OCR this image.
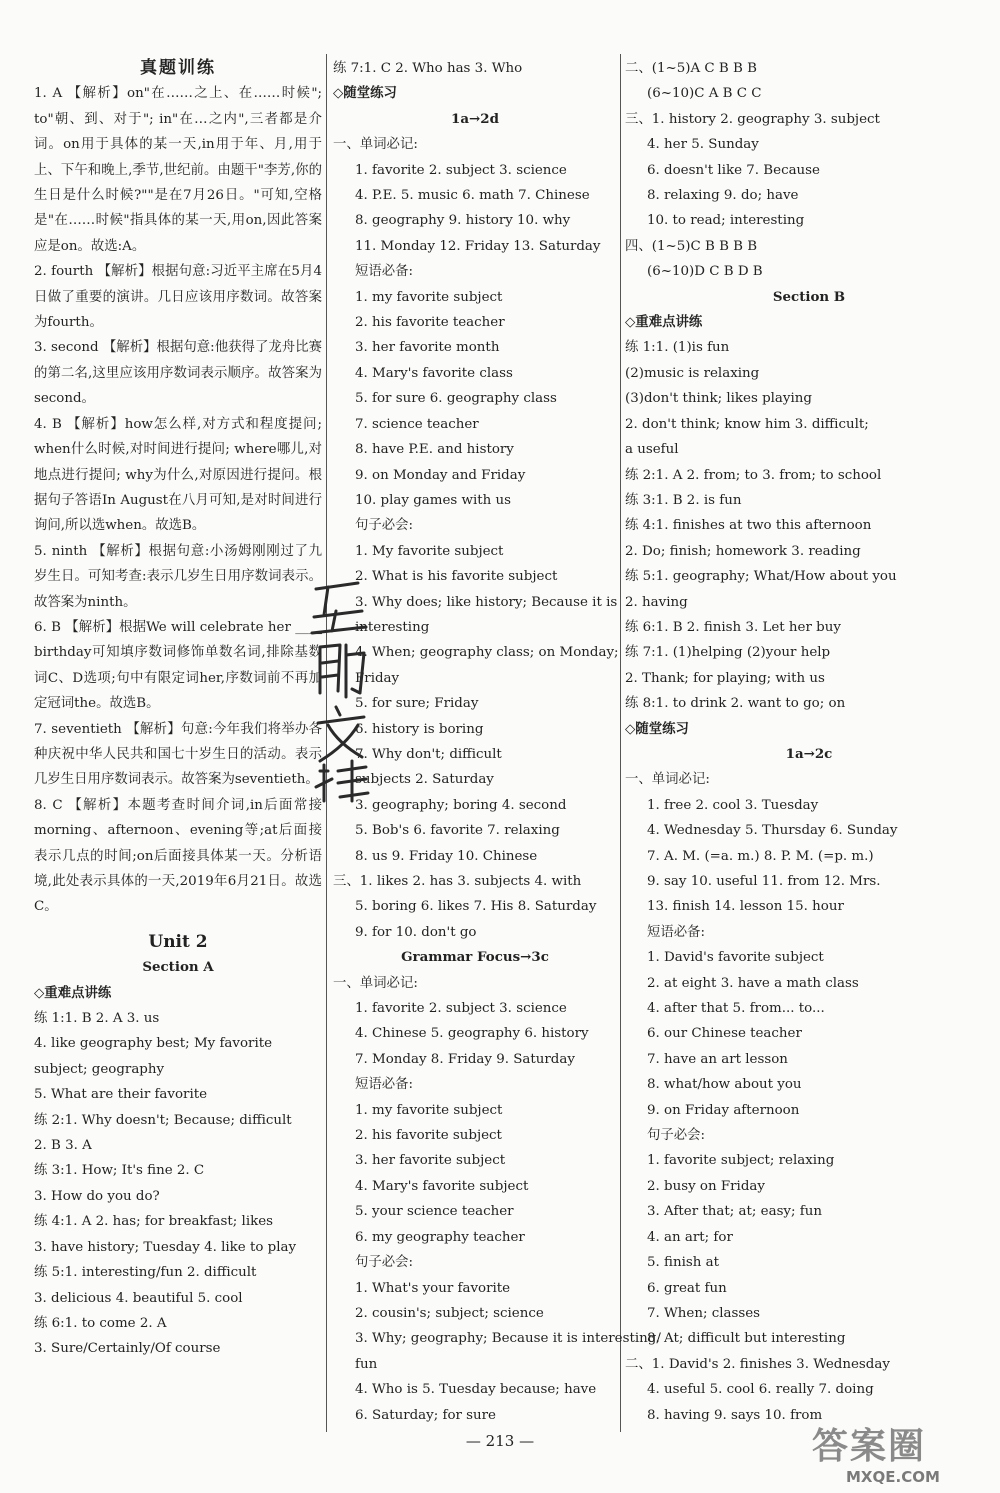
真题训练
1. A 【解析】on"在……之上、在……时候"; to"朝、到、对于"; in"在…之内",三者都是介词。on用于具体的某一天,in用于年、月,用于上、下午和晚上,季节,世纪前。由题干"李芳,你的生日是什么时候?""是在7月26日。"可知,空格是"在……时候"指具体的某一天,用on,因此答案应是on。故选:A。
2. fourth 【解析】根据句意:习近平主席在5月4日做了重要的演讲。几日应该用序数词。故答案为fourth。
3. second 【解析】根据句意:他获得了龙舟比赛的第二名,这里应该用序数词表示顺序。故答案为second。
4. B 【解析】how怎么样,对方式和程度提问; when什么时候,对时间进行提问; where哪儿,对地点进行提问; why为什么,对原因进行提问。根据句子答语In August在八月可知,是对时间进行询问,所以选when。故选B。
5. ninth 【解析】根据句意:小汤姆刚刚过了九岁生日。可知考查:表示几岁生日用序数词表示。故答案为ninth。
6. B 【解析】根据We will celebrate her ____ birthday可知填序数词修饰单数名词,排除基数词C、D选项;句中有限定词her,序数词前不再加定冠词the。故选B。
7. seventieth 【解析】句意:今年我们将举办各种庆祝中华人民共和国七十岁生日的活动。表示几岁生日用序数词表示。故答案为seventieth。
8. C 【解析】本题考查时间介词,in后面常接morning、afternoon、evening等;at后面接表示几点的时间;on后面接具体某一天。分析语境,此处表示具体的一天,2019年6月21日。故选C。
Unit 2
Section A
◇重难点讲练
练 1:1. B 2. A 3. us
4. like geography best; My favorite subject; geography
5. What are their favorite
练 2:1. Why doesn't; Because; difficult
2. B 3. A
练 3:1. How; It's fine 2. C
3. How do you do?
练 4:1. A 2. has; for breakfast; likes
3. have history; Tuesday 4. like to play
练 5:1. interesting/fun 2. difficult
3. delicious 4. beautiful 5. cool
练 6:1. to come 2. A
3. Sure/Certainly/Of course
练 7:1. C 2. Who has 3. Who
◇随堂练习
1a→2d
一、单词必记:
1. favorite 2. subject 3. science
4. P.E. 5. music 6. math 7. Chinese
8. geography 9. history 10. why
11. Monday 12. Friday 13. Saturday
短语必备:
1. my favorite subject
2. his favorite teacher
3. her favorite month
4. Mary's favorite class
5. for sure 6. geography class
7. science teacher
8. have P.E. and history
9. on Monday and Friday
10. play games with us
句子必会:
1. My favorite subject
2. What is his favorite subject
3. Why does; like history; Because it is
interesting
4. When; geography class; on Monday;
Friday
5. for sure; Friday
6. history is boring
7. Why don't; difficult
subjects 2. Saturday
3. geography; boring 4. second
5. Bob's 6. favorite 7. relaxing
8. us 9. Friday 10. Chinese
三、1. likes 2. has 3. subjects 4. with
5. boring 6. likes 7. His 8. Saturday
9. for 10. don't go
Grammar Focus→3c
一、单词必记:
1. favorite 2. subject 3. science
4. Chinese 5. geography 6. history
7. Monday 8. Friday 9. Saturday
短语必备:
1. my favorite subject
2. his favorite subject
3. her favorite subject
4. Mary's favorite subject
5. your science teacher
6. my geography teacher
句子必会:
1. What's your favorite
2. cousin's; subject; science
3. Why; geography; Because it is interesting/
fun
4. Who is 5. Tuesday because; have
6. Saturday; for sure
二、(1~5)A C B B B
(6~10)C A B C C
三、1. history 2. geography 3. subject
4. her 5. Sunday
6. doesn't like 7. Because
8. relaxing 9. do; have
10. to read; interesting
四、(1~5)C B B B B
(6~10)D C B D B
Section B
◇重难点讲练
练 1:1. (1)is fun
(2)music is relaxing
(3)don't think; likes playing
2. don't think; know him 3. difficult;
a useful
练 2:1. A 2. from; to 3. from; to school
练 3:1. B 2. is fun
练 4:1. finishes at two this afternoon
2. Do; finish; homework 3. reading
练 5:1. geography; What/How about you
2. having
练 6:1. B 2. finish 3. Let her buy
练 7:1. (1)helping (2)your help
2. Thank; for playing; with us
练 8:1. to drink 2. want to go; on
◇随堂练习
1a→2c
一、单词必记:
1. free 2. cool 3. Tuesday
4. Wednesday 5. Thursday 6. Sunday
7. A. M. (=a. m.) 8. P. M. (=p. m.)
9. say 10. useful 11. from 12. Mrs.
13. finish 14. lesson 15. hour
短语必备:
1. David's favorite subject
2. at eight 3. have a math class
4. after that 5. from... to...
6. our Chinese teacher
7. have an art lesson
8. what/how about you
9. on Friday afternoon
句子必会:
1. favorite subject; relaxing
2. busy on Friday
3. After that; at; easy; fun
4. an art; for
5. finish at
6. great fun
7. When; classes
8. At; difficult but interesting
二、1. David's 2. finishes 3. Wednesday
4. useful 5. cool 6. really 7. doing
8. having 9. says 10. from
— 213 —	答案圈
MXQE.COM
